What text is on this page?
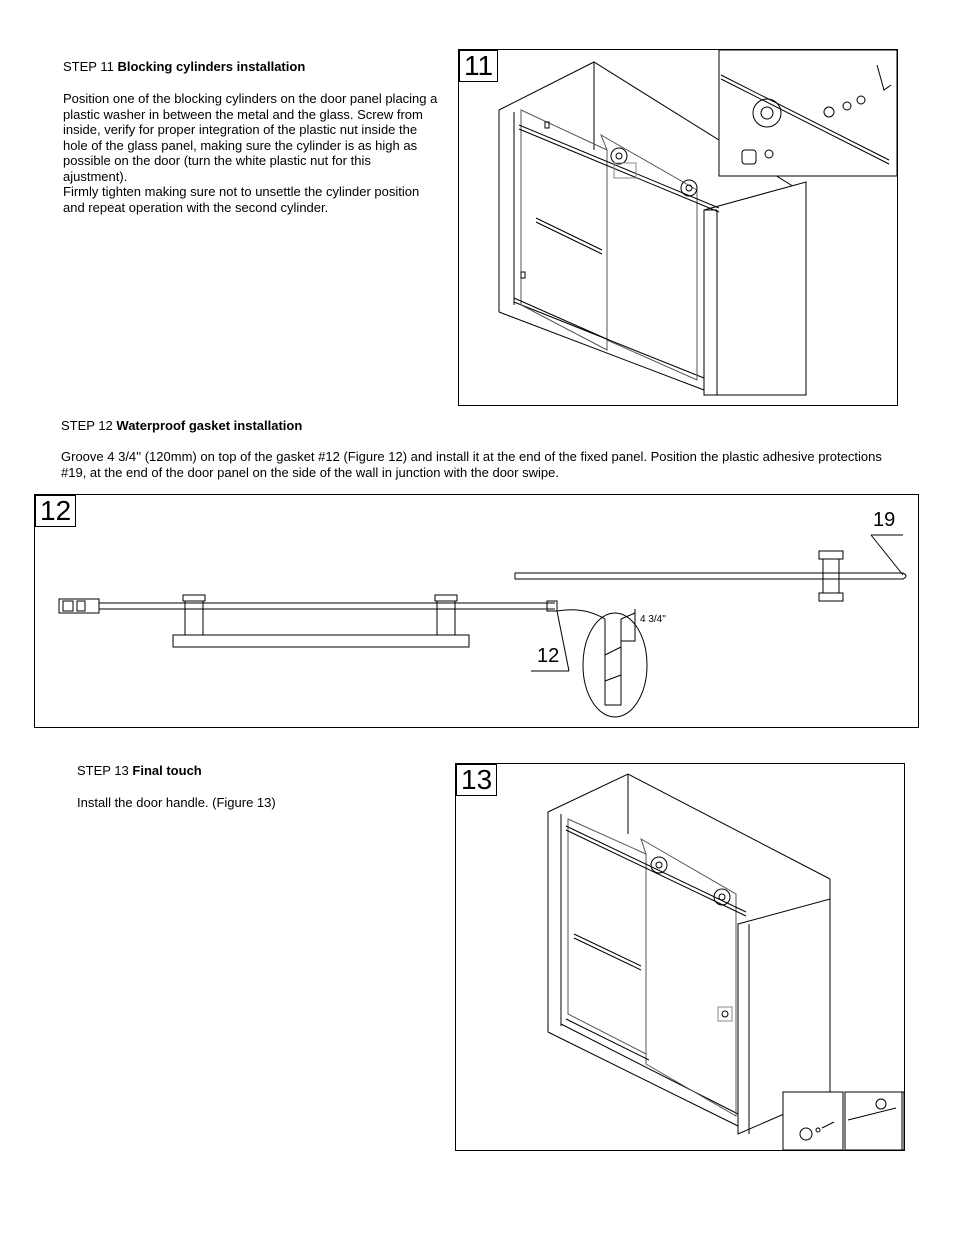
STEP 11 Blocking cylinders installation
Position one of the blocking cylinders on the door panel placing a plastic washer in between the metal and the glass. Screw from inside, verify for proper integration of the plastic nut inside the hole of the glass panel, making sure the cylinder is as high as possible on the door (turn the white plastic nut for this ajustment).
Firmly tighten making sure not to unsettle the cylinder position and repeat operation with the second cylinder.
11
STEP 12 Waterproof gasket installation
Groove 4 3/4'' (120mm) on top of the gasket #12 (Figure 12) and install it at the end of the fixed panel. Position the plastic adhesive protections #19, at the end of the door panel on the side of the wall in junction with the door swipe.
12	19
12
4 3/4''
STEP 13 Final touch
Install the door handle. (Figure 13)
13
